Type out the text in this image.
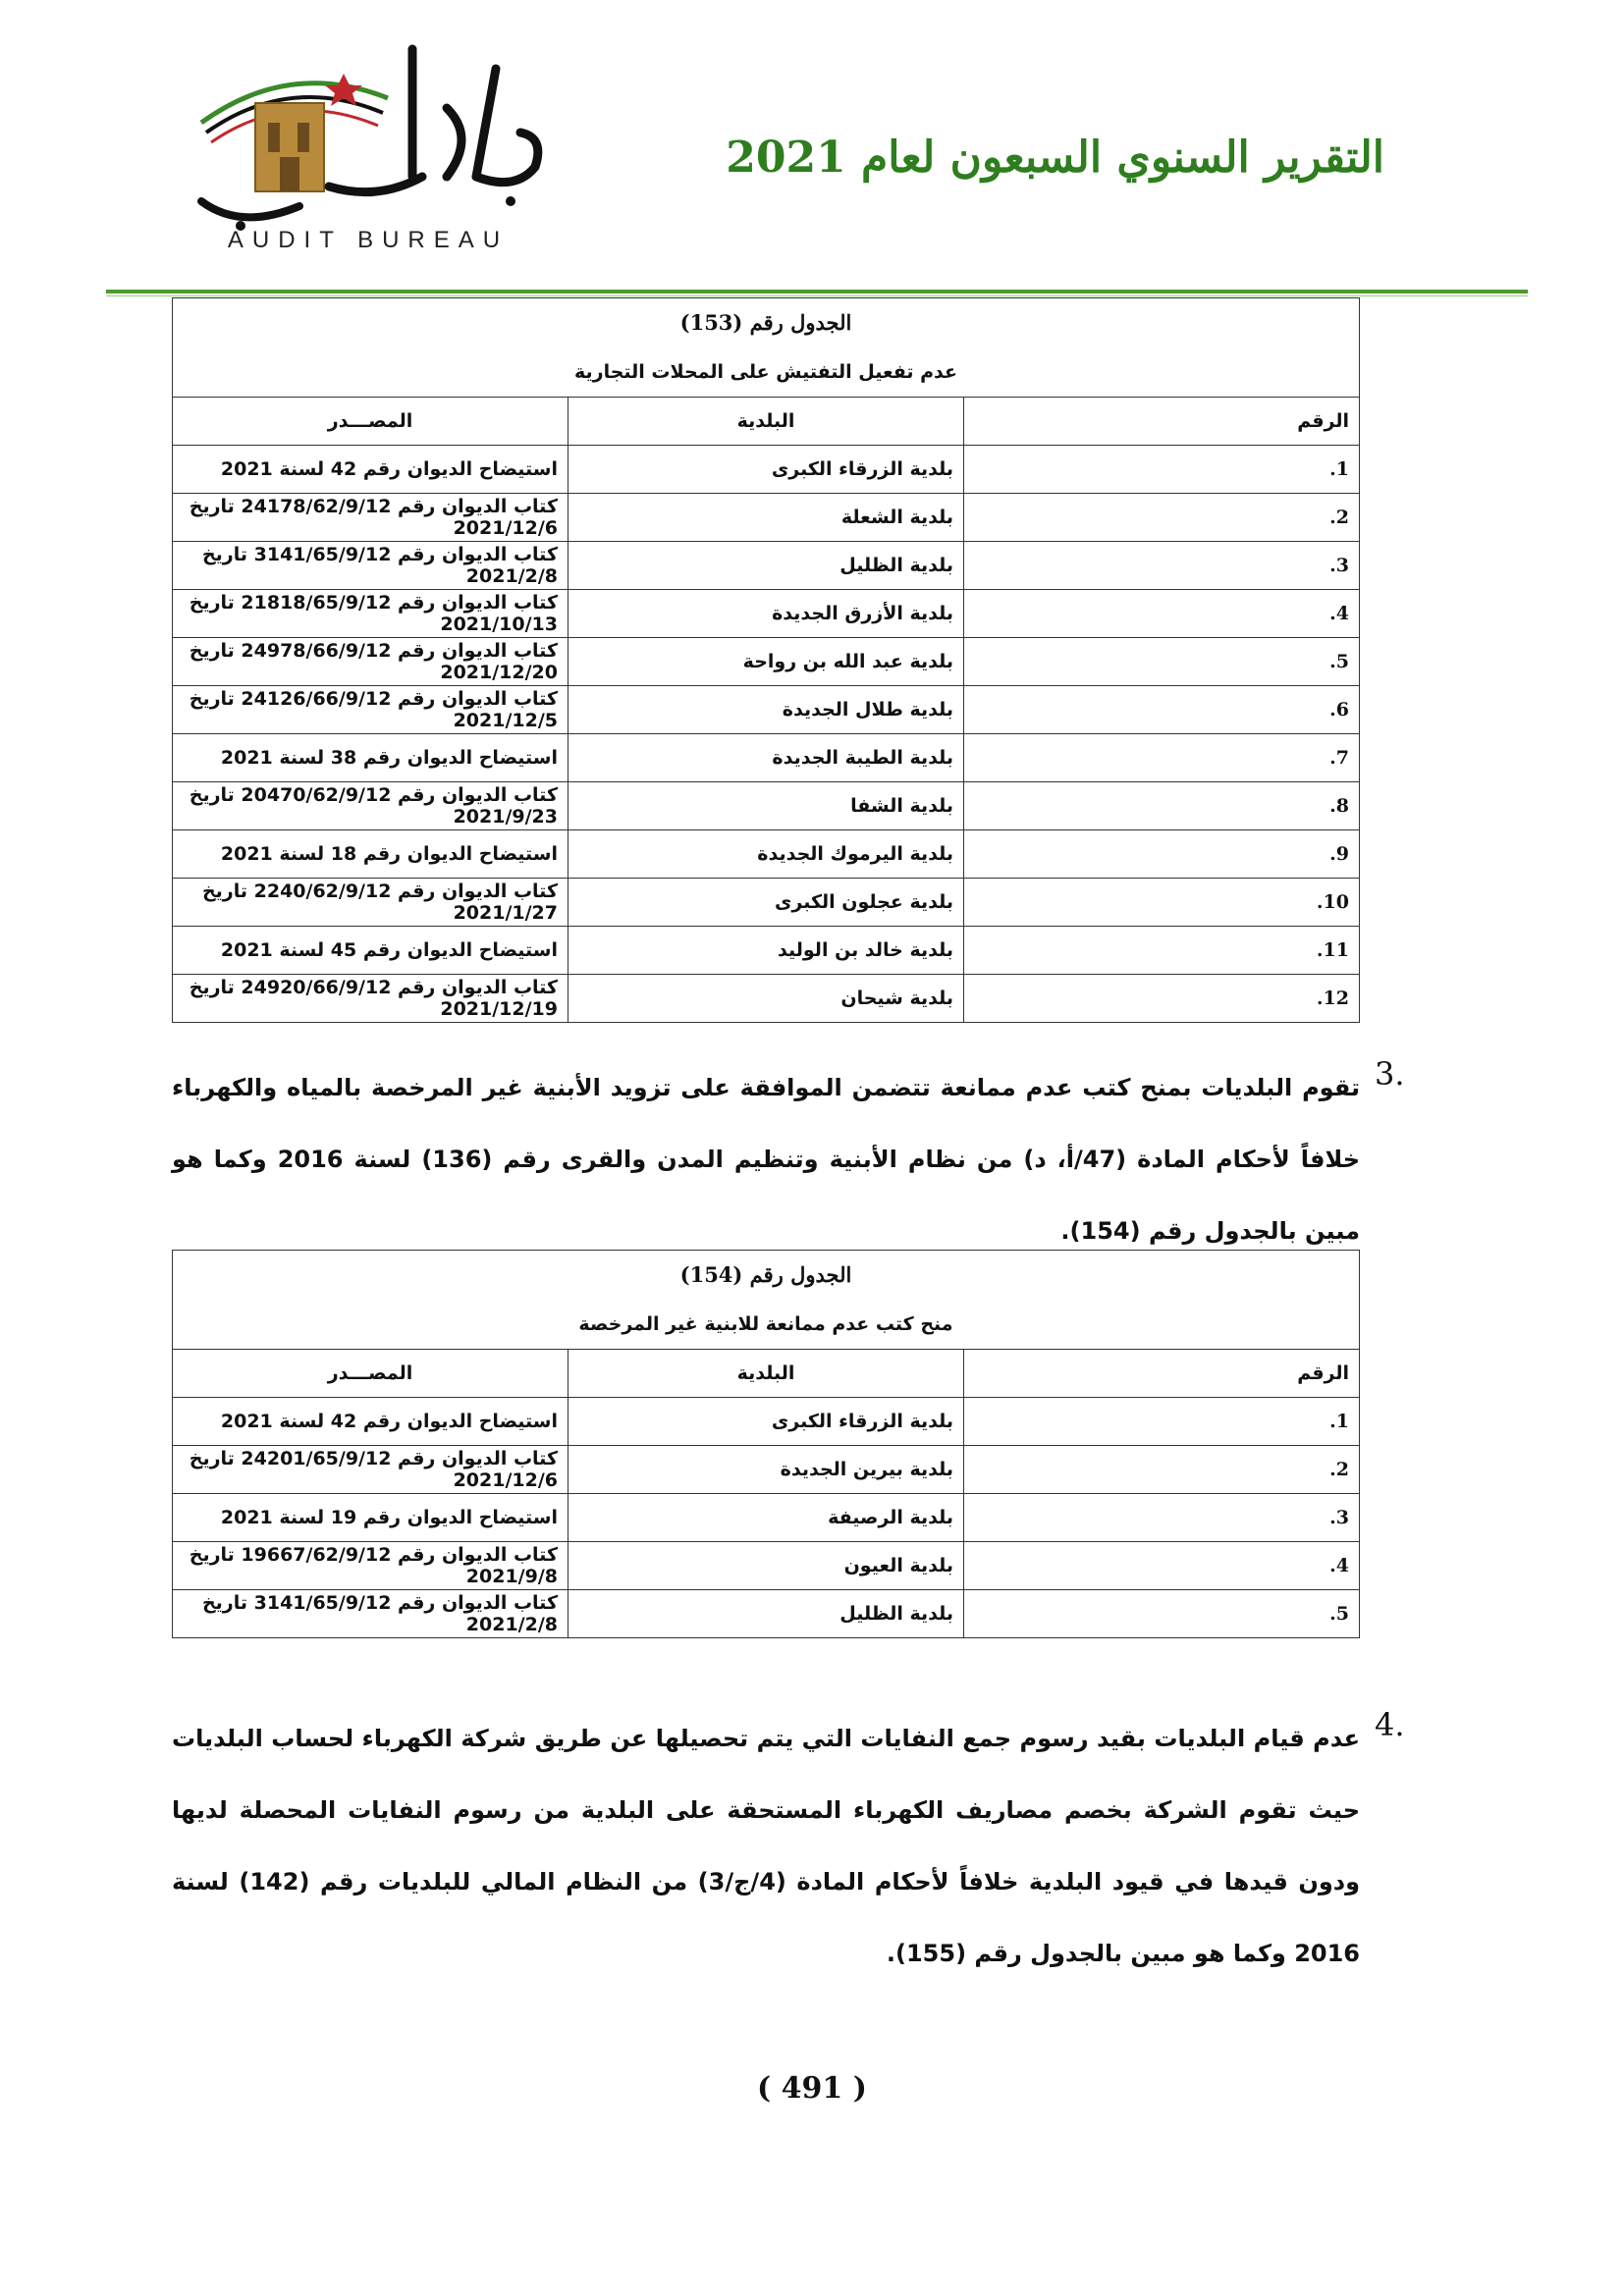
AUDIT BUREAU
التقرير السنوي السبعون لعام 2021
الجدول رقم (153)
عدم تفعيل التفتيش على المحلات التجارية		

الرقم	البلدية	المصـــدر
1.	بلدية الزرقاء الكبرى	استيضاح الديوان رقم 42 لسنة 2021
2.	بلدية الشعلة	كتاب الديوان رقم 24178/62/9/12 تاريخ 2021/12/6
3.	بلدية الظليل	كتاب الديوان رقم 3141/65/9/12 تاريخ 2021/2/8
4.	بلدية الأزرق الجديدة	كتاب الديوان رقم 21818/65/9/12 تاريخ 2021/10/13
5.	بلدية عبد الله بن رواحة	كتاب الديوان رقم 24978/66/9/12 تاريخ 2021/12/20
6.	بلدية طلال الجديدة	كتاب الديوان رقم 24126/66/9/12 تاريخ 2021/12/5
7.	بلدية الطيبة الجديدة	استيضاح الديوان رقم 38 لسنة 2021
8.	بلدية الشفا	كتاب الديوان رقم 20470/62/9/12 تاريخ 2021/9/23
9.	بلدية اليرموك الجديدة	استيضاح الديوان رقم 18 لسنة 2021
10.	بلدية عجلون الكبرى	كتاب الديوان رقم 2240/62/9/12 تاريخ 2021/1/27
11.	بلدية خالد بن الوليد	استيضاح الديوان رقم 45 لسنة 2021
12.	بلدية شيحان	كتاب الديوان رقم 24920/66/9/12 تاريخ 2021/12/19
3.
تقوم البلديات بمنح كتب عدم ممانعة تتضمن الموافقة على تزويد الأبنية غير المرخصة بالمياه والكهرباء خلافاً لأحكام المادة (47/أ، د) من نظام الأبنية وتنظيم المدن والقرى رقم (136) لسنة 2016 وكما هو مبين بالجدول رقم (154).
الجدول رقم (154)
منح كتب عدم ممانعة للابنية غير المرخصة		

الرقم	البلدية	المصـــدر
1.	بلدية الزرقاء الكبرى	استيضاح الديوان رقم 42 لسنة 2021
2.	بلدية بيرين الجديدة	كتاب الديوان رقم 24201/65/9/12 تاريخ 2021/12/6
3.	بلدية الرصيفة	استيضاح الديوان رقم 19 لسنة 2021
4.	بلدية العيون	كتاب الديوان رقم 19667/62/9/12 تاريخ 2021/9/8
5.	بلدية الظليل	كتاب الديوان رقم 3141/65/9/12 تاريخ 2021/2/8
4.
عدم قيام البلديات بقيد رسوم جمع النفايات التي يتم تحصيلها عن طريق شركة الكهرباء لحساب البلديات حيث تقوم الشركة بخصم مصاريف الكهرباء المستحقة على البلدية من رسوم النفايات المحصلة لديها ودون قيدها في قيود البلدية خلافاً لأحكام المادة (4/ج/3) من النظام المالي للبلديات رقم (142) لسنة 2016 وكما هو مبين بالجدول رقم (155).
( 491 )
